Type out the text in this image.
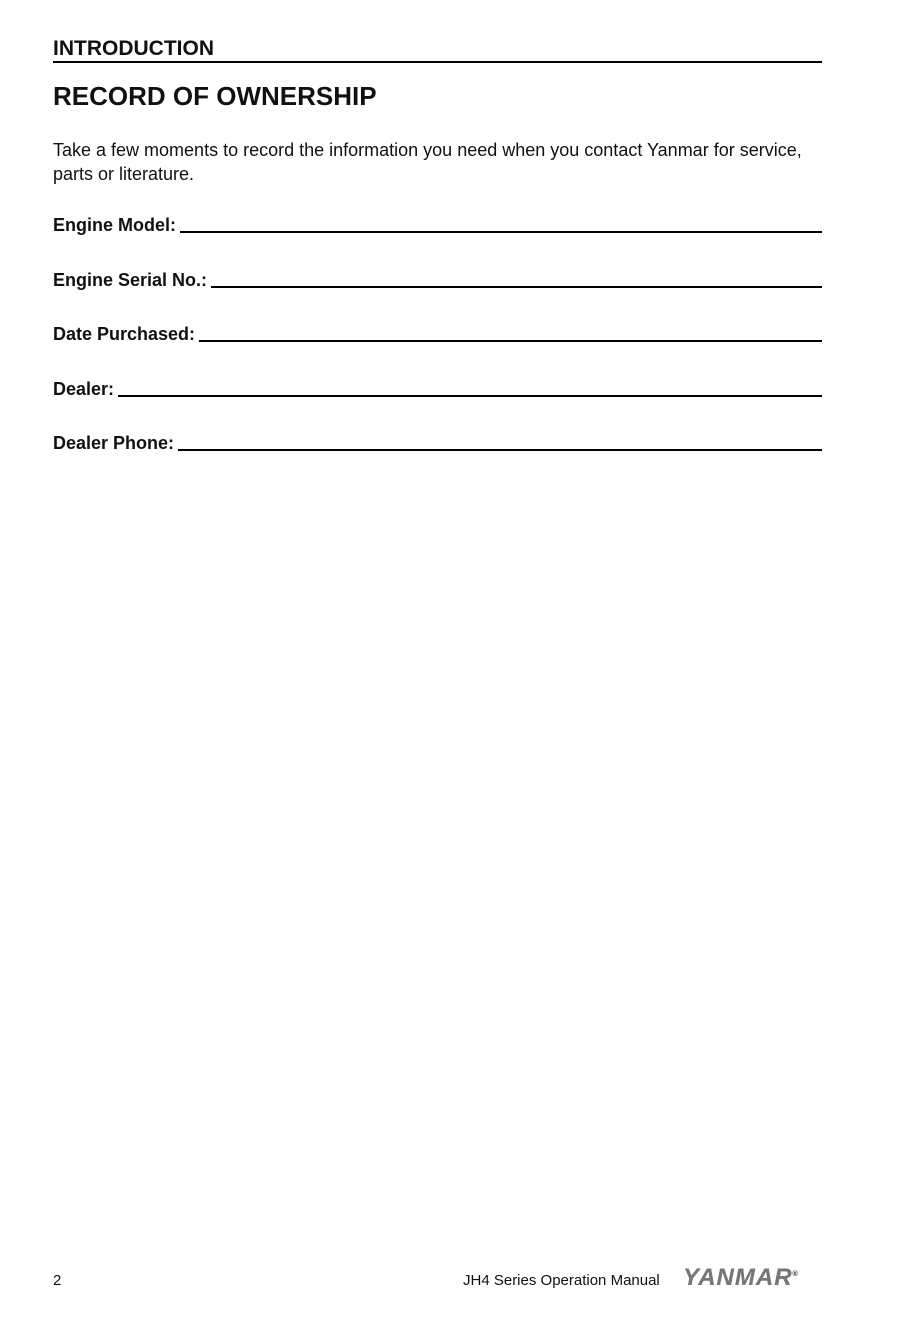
INTRODUCTION
RECORD OF OWNERSHIP

Take a few moments to record the information you need when you contact Yanmar for service, parts or literature.

Engine Model:
Engine Serial No.:
Date Purchased:
Dealer:
Dealer Phone:
2	JH4 Series Operation Manual YANMAR®
